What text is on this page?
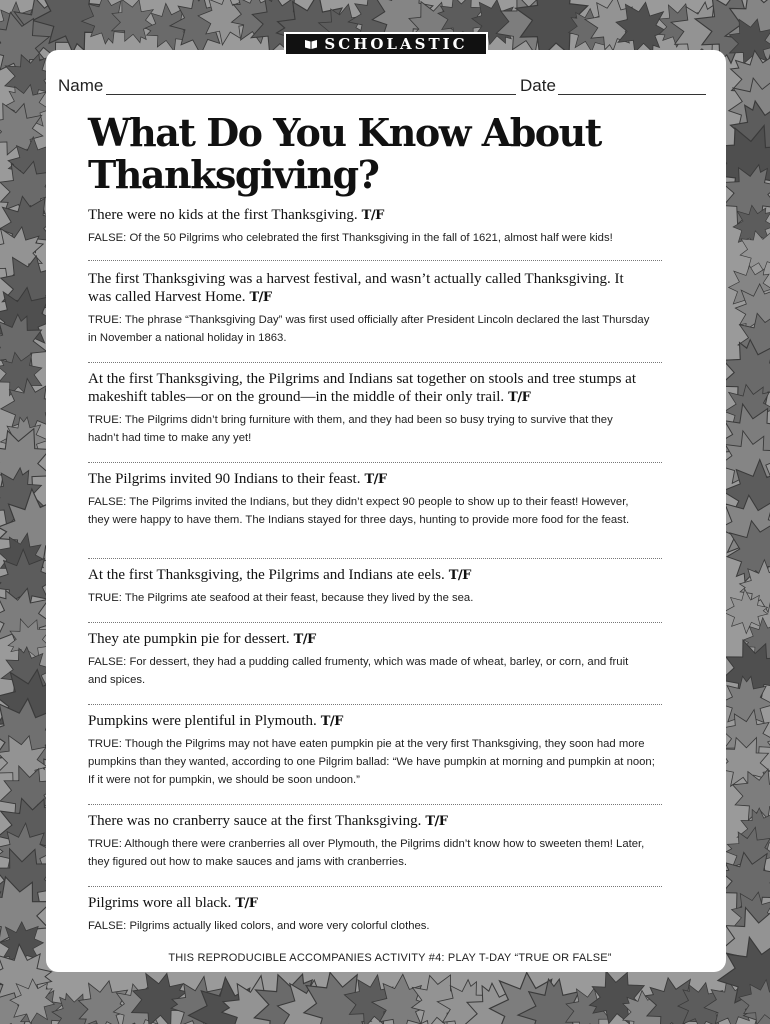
SCHOLASTIC
Name	Date
What Do You Know About
Thanksgiving?
There were no kids at the first Thanksgiving. T/F
FALSE: Of the 50 Pilgrims who celebrated the first Thanksgiving in the fall of 1621, almost half were kids!
The first Thanksgiving was a harvest festival, and wasn’t actually called Thanksgiving. It was called Harvest Home. T/F
TRUE: The phrase “Thanksgiving Day” was first used officially after President Lincoln declared the last Thursday in November a national holiday in 1863.
At the first Thanksgiving, the Pilgrims and Indians sat together on stools and tree stumps at makeshift tables—or on the ground—in the middle of their only trail. T/F
TRUE: The Pilgrims didn’t bring furniture with them, and they had been so busy trying to survive that they hadn’t had time to make any yet!
The Pilgrims invited 90 Indians to their feast. T/F
FALSE: The Pilgrims invited the Indians, but they didn’t expect 90 people to show up to their feast! However, they were happy to have them. The Indians stayed for three days, hunting to provide more food for the feast.
At the first Thanksgiving, the Pilgrims and Indians ate eels. T/F
TRUE: The Pilgrims ate seafood at their feast, because they lived by the sea.
They ate pumpkin pie for dessert. T/F
FALSE: For dessert, they had a pudding called frumenty, which was made of wheat, barley, or corn, and fruit and spices.
Pumpkins were plentiful in Plymouth. T/F
TRUE: Though the Pilgrims may not have eaten pumpkin pie at the very first Thanksgiving, they soon had more pumpkins than they wanted, according to one Pilgrim ballad: “We have pumpkin at morning and pumpkin at noon; If it were not for pumpkin, we should be soon undoon.”
There was no cranberry sauce at the first Thanksgiving. T/F
TRUE: Although there were cranberries all over Plymouth, the Pilgrims didn’t know how to sweeten them! Later, they figured out how to make sauces and jams with cranberries.
Pilgrims wore all black. T/F
FALSE: Pilgrims actually liked colors, and wore very colorful clothes.
THIS REPRODUCIBLE ACCOMPANIES ACTIVITY #4: PLAY T-DAY “TRUE OR FALSE”
